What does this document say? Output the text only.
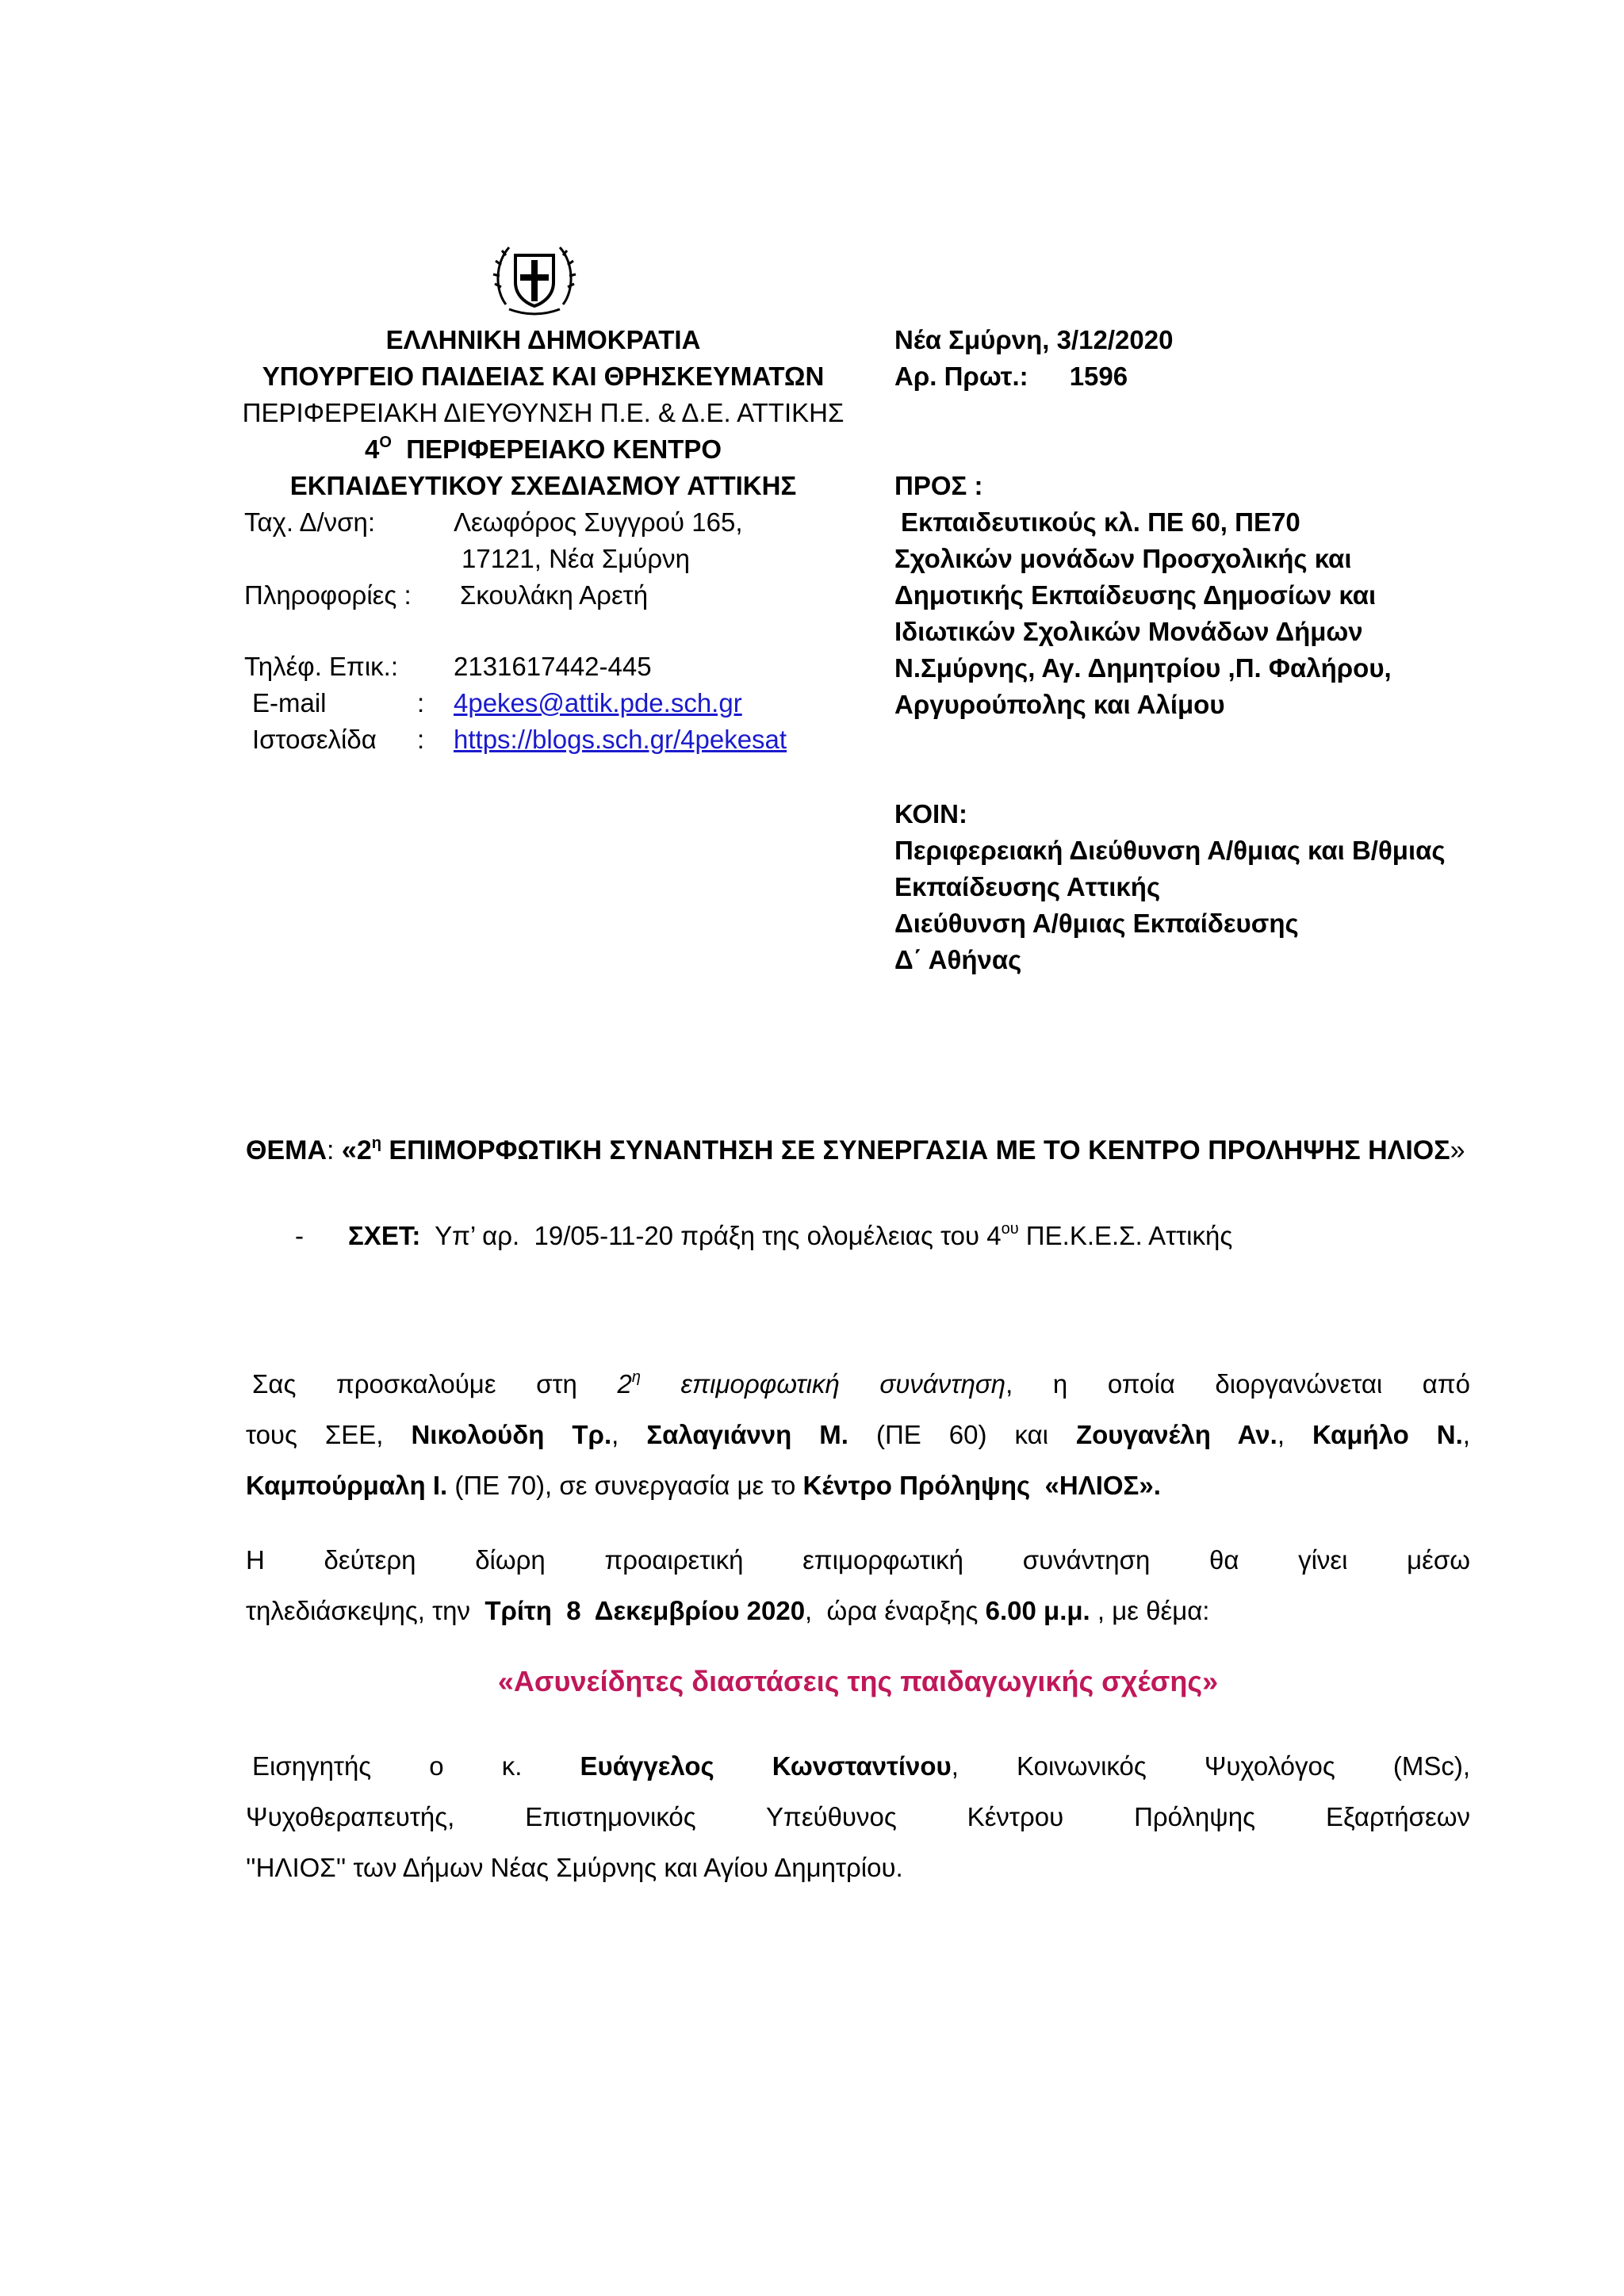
ΕΛΛΗΝΙΚΗ ΔΗΜΟΚΡΑΤΙΑ
ΥΠΟΥΡΓΕΙΟ ΠΑΙΔΕΙΑΣ ΚΑΙ ΘΡΗΣΚΕΥΜΑΤΩΝ
ΠΕΡΙΦΕΡΕΙΑΚΗ ΔΙΕΥΘΥΝΣΗ Π.Ε. & Δ.Ε. ΑΤΤΙΚΗΣ
$4^O$  ΠΕΡΙΦΕΡΕΙΑΚΟ ΚΕΝΤΡΟ
ΕΚΠΑΙΔΕΥΤΙΚΟΥ ΣΧΕΔΙΑΣΜΟΥ ΑΤΤΙΚΗΣ
Ταχ. Δ/νση:	Λεωφόρος Συγγρού 165,
17121, Νέα Σμύρνη
Πληροφορίες : Σκουλάκη Αρετή
Τηλέφ. Επικ.: 2131617442-445
E-mail	: 4pekes@attik.pde.sch.gr
Ιστοσελίδα : https://blogs.sch.gr/4pekesat
Νέα Σμύρνη, 3/12/2020
Αρ. Πρωτ.: 1596
ΠΡΟΣ :
Εκπαιδευτικούς κλ. ΠΕ 60, ΠΕ70
Σχολικών μονάδων Προσχολικής και
Δημοτικής Εκπαίδευσης Δημοσίων και
Ιδιωτικών Σχολικών Μονάδων Δήμων
Ν.Σμύρνης, Αγ. Δημητρίου ,Π. Φαλήρου,
Αργυρούπολης και Αλίμου
ΚΟΙΝ:
Περιφερειακή Διεύθυνση Α/θμιας και Β/θμιας
Εκπαίδευσης Αττικής
Διεύθυνση Α/θμιας Εκπαίδευσης
Δ΄ Αθήνας
ΘΕΜΑ: «$2^\eta$ ΕΠΙΜΟΡΦΩΤΙΚΗ ΣΥΝΑΝΤΗΣΗ ΣΕ ΣΥΝΕΡΓΑΣΙΑ ΜΕ ΤΟ ΚΕΝΤΡΟ ΠΡΟΛΗΨΗΣ ΗΛΙΟΣ»
- ΣΧΕΤ:  Υπ’ αρ.  19/05-11-20 πράξη της ολομέλειας του $4^{o\upsilon}$ ΠΕ.Κ.Ε.Σ. Αττικής
Σας προσκαλούμε στη $2^\eta$ επιμορφωτική συνάντηση, η οποία διοργανώνεται από
τους ΣΕΕ, Νικολούδη Τρ., Σαλαγιάννη Μ. (ΠΕ 60) και Ζουγανέλη Αν., Καμήλο Ν.,
Καμπούρμαλη Ι. (ΠΕ 70), σε συνεργασία με το Κέντρο Πρόληψης  «ΗΛΙΟΣ».
Η δεύτερη δίωρη προαιρετική επιμορφωτική συνάντηση θα γίνει μέσω
τηλεδιάσκεψης, την  Τρίτη  8  Δεκεμβρίου 2020,  ώρα έναρξης 6.00 μ.μ. , με θέμα:
«Ασυνείδητες διαστάσεις της παιδαγωγικής σχέσης»
Εισηγητής ο κ. Ευάγγελος Κωνσταντίνου, Κοινωνικός Ψυχολόγος (MSc),
Ψυχοθεραπευτής, Επιστημονικός Υπεύθυνος Κέντρου Πρόληψης Εξαρτήσεων
''ΗΛΙΟΣ'' των Δήμων Νέας Σμύρνης και Αγίου Δημητρίου.
